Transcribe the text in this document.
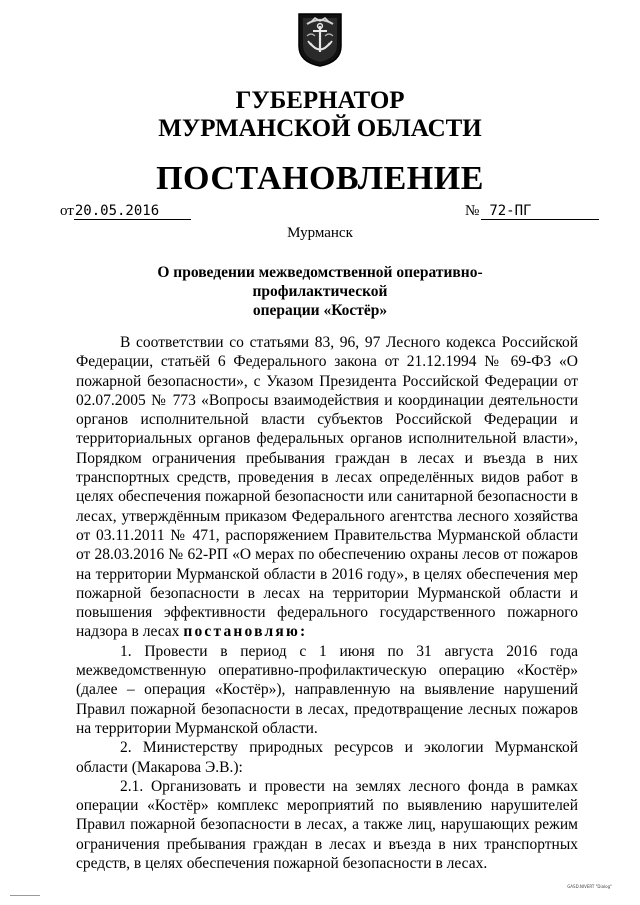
ГУБЕРНАТОР
МУРМАНСКОЙ ОБЛАСТИ
ПОСТАНОВЛЕНИЕ
от 20.05.2016	№ 72-ПГ
Мурманск
О проведении межведомственной оперативно-профилактической
операции «Костёр»

В соответствии со статьями 83, 96, 97 Лесного кодекса Российской Федерации, статьёй 6 Федерального закона от 21.12.1994 № 69-ФЗ «О пожарной безопасности», с Указом Президента Российской Федерации от 02.07.2005 № 773 «Вопросы взаимодействия и координации деятельности органов исполнительной власти субъектов Российской Федерации и территориальных органов федеральных органов исполнительной власти», Порядком ограничения пребывания граждан в лесах и въезда в них транспортных средств, проведения в лесах определённых видов работ в целях обеспечения пожарной безопасности или санитарной безопасности в лесах, утверждённым приказом Федерального агентства лесного хозяйства от 03.11.2011 № 471, распоряжением Правительства Мурманской области от 28.03.2016 № 62-РП «О мерах по обеспечению охраны лесов от пожаров на территории Мурманской области в 2016 году», в целях обеспечения мер пожарной безопасности в лесах на территории Мурманской области и повышения эффективности федерального государственного пожарного надзора в лесах постановляю:

1. Провести в период с 1 июня по 31 августа 2016 года межведомственную оперативно-профилактическую операцию «Костёр» (далее – операция «Костёр»), направленную на выявление нарушений Правил пожарной безопасности в лесах, предотвращение лесных пожаров на территории Мурманской области.

2. Министерству природных ресурсов и экологии Мурманской области (Макарова Э.В.):

2.1. Организовать и провести на землях лесного фонда в рамках операции «Костёр» комплекс мероприятий по выявлению нарушителей Правил пожарной безопасности в лесах, а также лиц, нарушающих режим ограничения пребывания граждан в лесах и въезда в них транспортных средств, в целях обеспечения пожарной безопасности в лесах.

GASD.NIVERT "Dialog"
